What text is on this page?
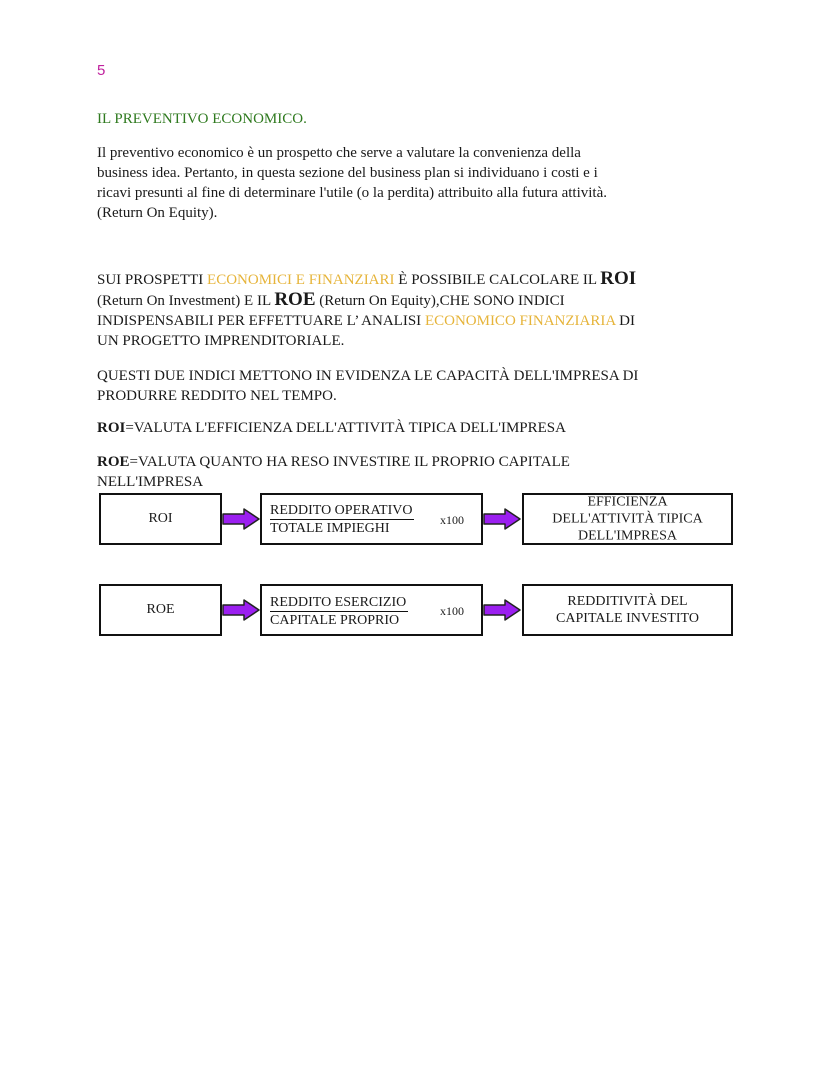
5
IL PREVENTIVO ECONOMICO.

Il preventivo economico è un prospetto che serve a valutare la convenienza della
business idea. Pertanto, in questa sezione del business plan si individuano i costi e i
ricavi presunti al fine di determinare l'utile (o la perdita) attribuito alla futura attività.
(Return On Equity).

SUI PROSPETTI ECONOMICI E FINANZIARI È POSSIBILE CALCOLARE IL ROI
(Return On Investment) E IL ROE (Return On Equity),CHE SONO INDICI
INDISPENSABILI PER EFFETTUARE L’ ANALISI ECONOMICO FINANZIARIA DI
UN PROGETTO IMPRENDITORIALE.

QUESTI DUE INDICI METTONO IN EVIDENZA LE CAPACITÀ DELL'IMPRESA DI
PRODURRE REDDITO NEL TEMPO.

ROI=VALUTA L'EFFICIENZA DELL'ATTIVITÀ TIPICA DELL'IMPRESA

ROE=VALUTA QUANTO HA RESO INVESTIRE IL PROPRIO CAPITALE
NELL'IMPRESA

ROI
REDDITO OPERATIVO
TOTALE IMPIEGHI
x100
EFFICIENZA
DELL'ATTIVITÀ TIPICA
DELL'IMPRESA
ROE	REDDITO ESERCIZIO
CAPITALE PROPRIO
x100
REDDITIVITÀ DEL
CAPITALE INVESTITO
